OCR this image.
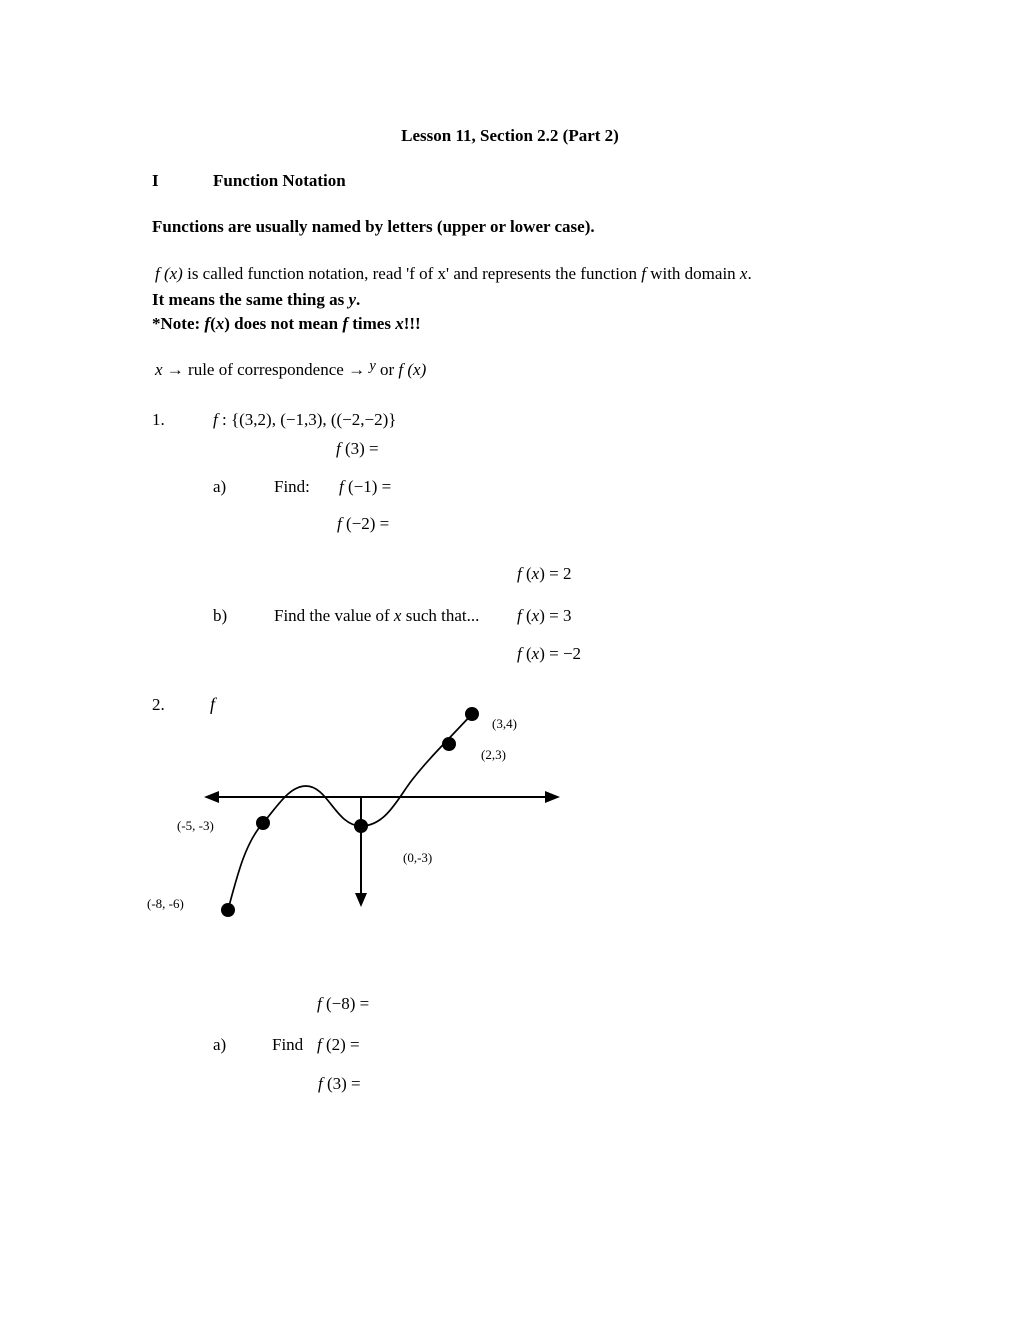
Lesson 11, Section 2.2 (Part 2)
I	Function Notation
Functions are usually named by letters (upper or lower case).
f (x) is called function notation, read 'f of x' and represents the function f with domain x.
It means the same thing as y.
*Note: f(x) does not mean f times x!!!
x → rule of correspondence → $^y$ or f (x)
1.	f : {(3,2), (−1,3), ((−2,−2)}
f (3) =
a)	Find: f (−1) =
f (−2) =
f (x) = 2
b)	Find the value of x such that... f (x) = 3
f (x) = −2
2.	f
(3,4)
(2,3)
(-5, -3)
(0,-3)
(-8, -6)
f (−8) =
a)	Find f (2) =
f (3) =
